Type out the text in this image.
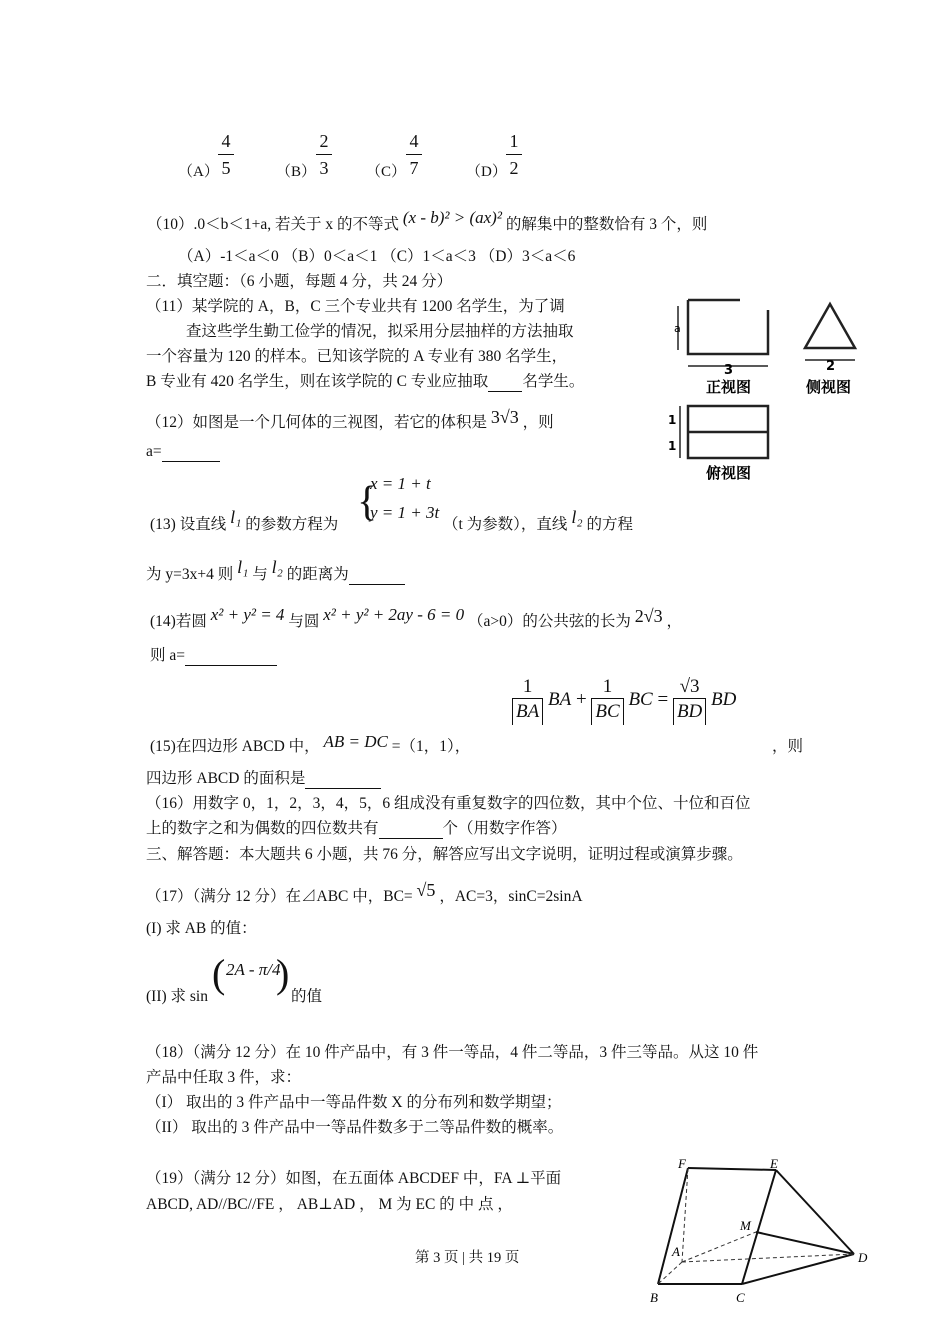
（A）
4
5	（B）
2
3	（C）
4
7	（D）
1
2
（10）.0＜b＜1+a, 若关于 x 的不等式 (x - b)² > (ax)² 的解集中的整数恰有 3 个，则
（A）-1＜a＜0 （B）0＜a＜1 （C）1＜a＜3 （D）3＜a＜6
二．填空题：（6 小题，每题 4 分，共 24 分）
（11）某学院的 A，B，C 三个专业共有 1200 名学生，为了调
查这些学生勤工俭学的情况，拟采用分层抽样的方法抽取
一个容量为 120 的样本。已知该学院的 A 专业有 380 名学生，
B 专业有 420 名学生，则在该学院的 C 专业应抽取 名学生。
（12）如图是一个几何体的三视图，若它的体积是 3√3 ，则
a=
a
3	2
1
1
正视图	侧视图
俯视图
(13) 设直线 l₁ 的参数方程为 {
x = 1 + t
y = 1 + 3t
（t 为参数），直线 l₂ 的方程
为 y=3x+4 则 l₁ 与 l₂ 的距离为
(14)若圆 x² + y² = 4 与圆 x² + y² + 2ay - 6 = 0 （a>0）的公共弦的长为 2√3 ，
则 a=
(15)在四边形 ABCD 中， AB = DC =（1，1），
$\frac{1}{BA}$ BA + $\frac{1}{BC}$ BC = $\frac{√3}{BD}$ BD
，则
四边形 ABCD 的面积是
（16）用数字 0，1，2，3，4，5，6 组成没有重复数字的四位数，其中个位、十位和百位
上的数字之和为偶数的四位数共有	个（用数字作答）
三、解答题：本大题共 6 小题，共 76 分，解答应写出文字说明，证明过程或演算步骤。
（17）（满分 12 分）在⊿ABC 中，BC= √5 ，AC=3，sinC=2sinA
(I) 求 AB 的值：
(II) 求 sin
( 2A - π/4
)
的值
（18）（满分 12 分）在 10 件产品中，有 3 件一等品，4 件二等品，3 件三等品。从这 10 件
产品中任取 3 件，求：
（I） 取出的 3 件产品中一等品件数 X 的分布列和数学期望；
（II） 取出的 3 件产品中一等品件数多于二等品件数的概率。
（19）（满分 12 分）如图，在五面体 ABCDEF 中，FA ⊥平面
ABCD, AD//BC//FE ， AB⊥AD ， M 为 EC 的 中 点 ，
F	E
M
A	D
B	C
第 3 页 | 共 19 页
